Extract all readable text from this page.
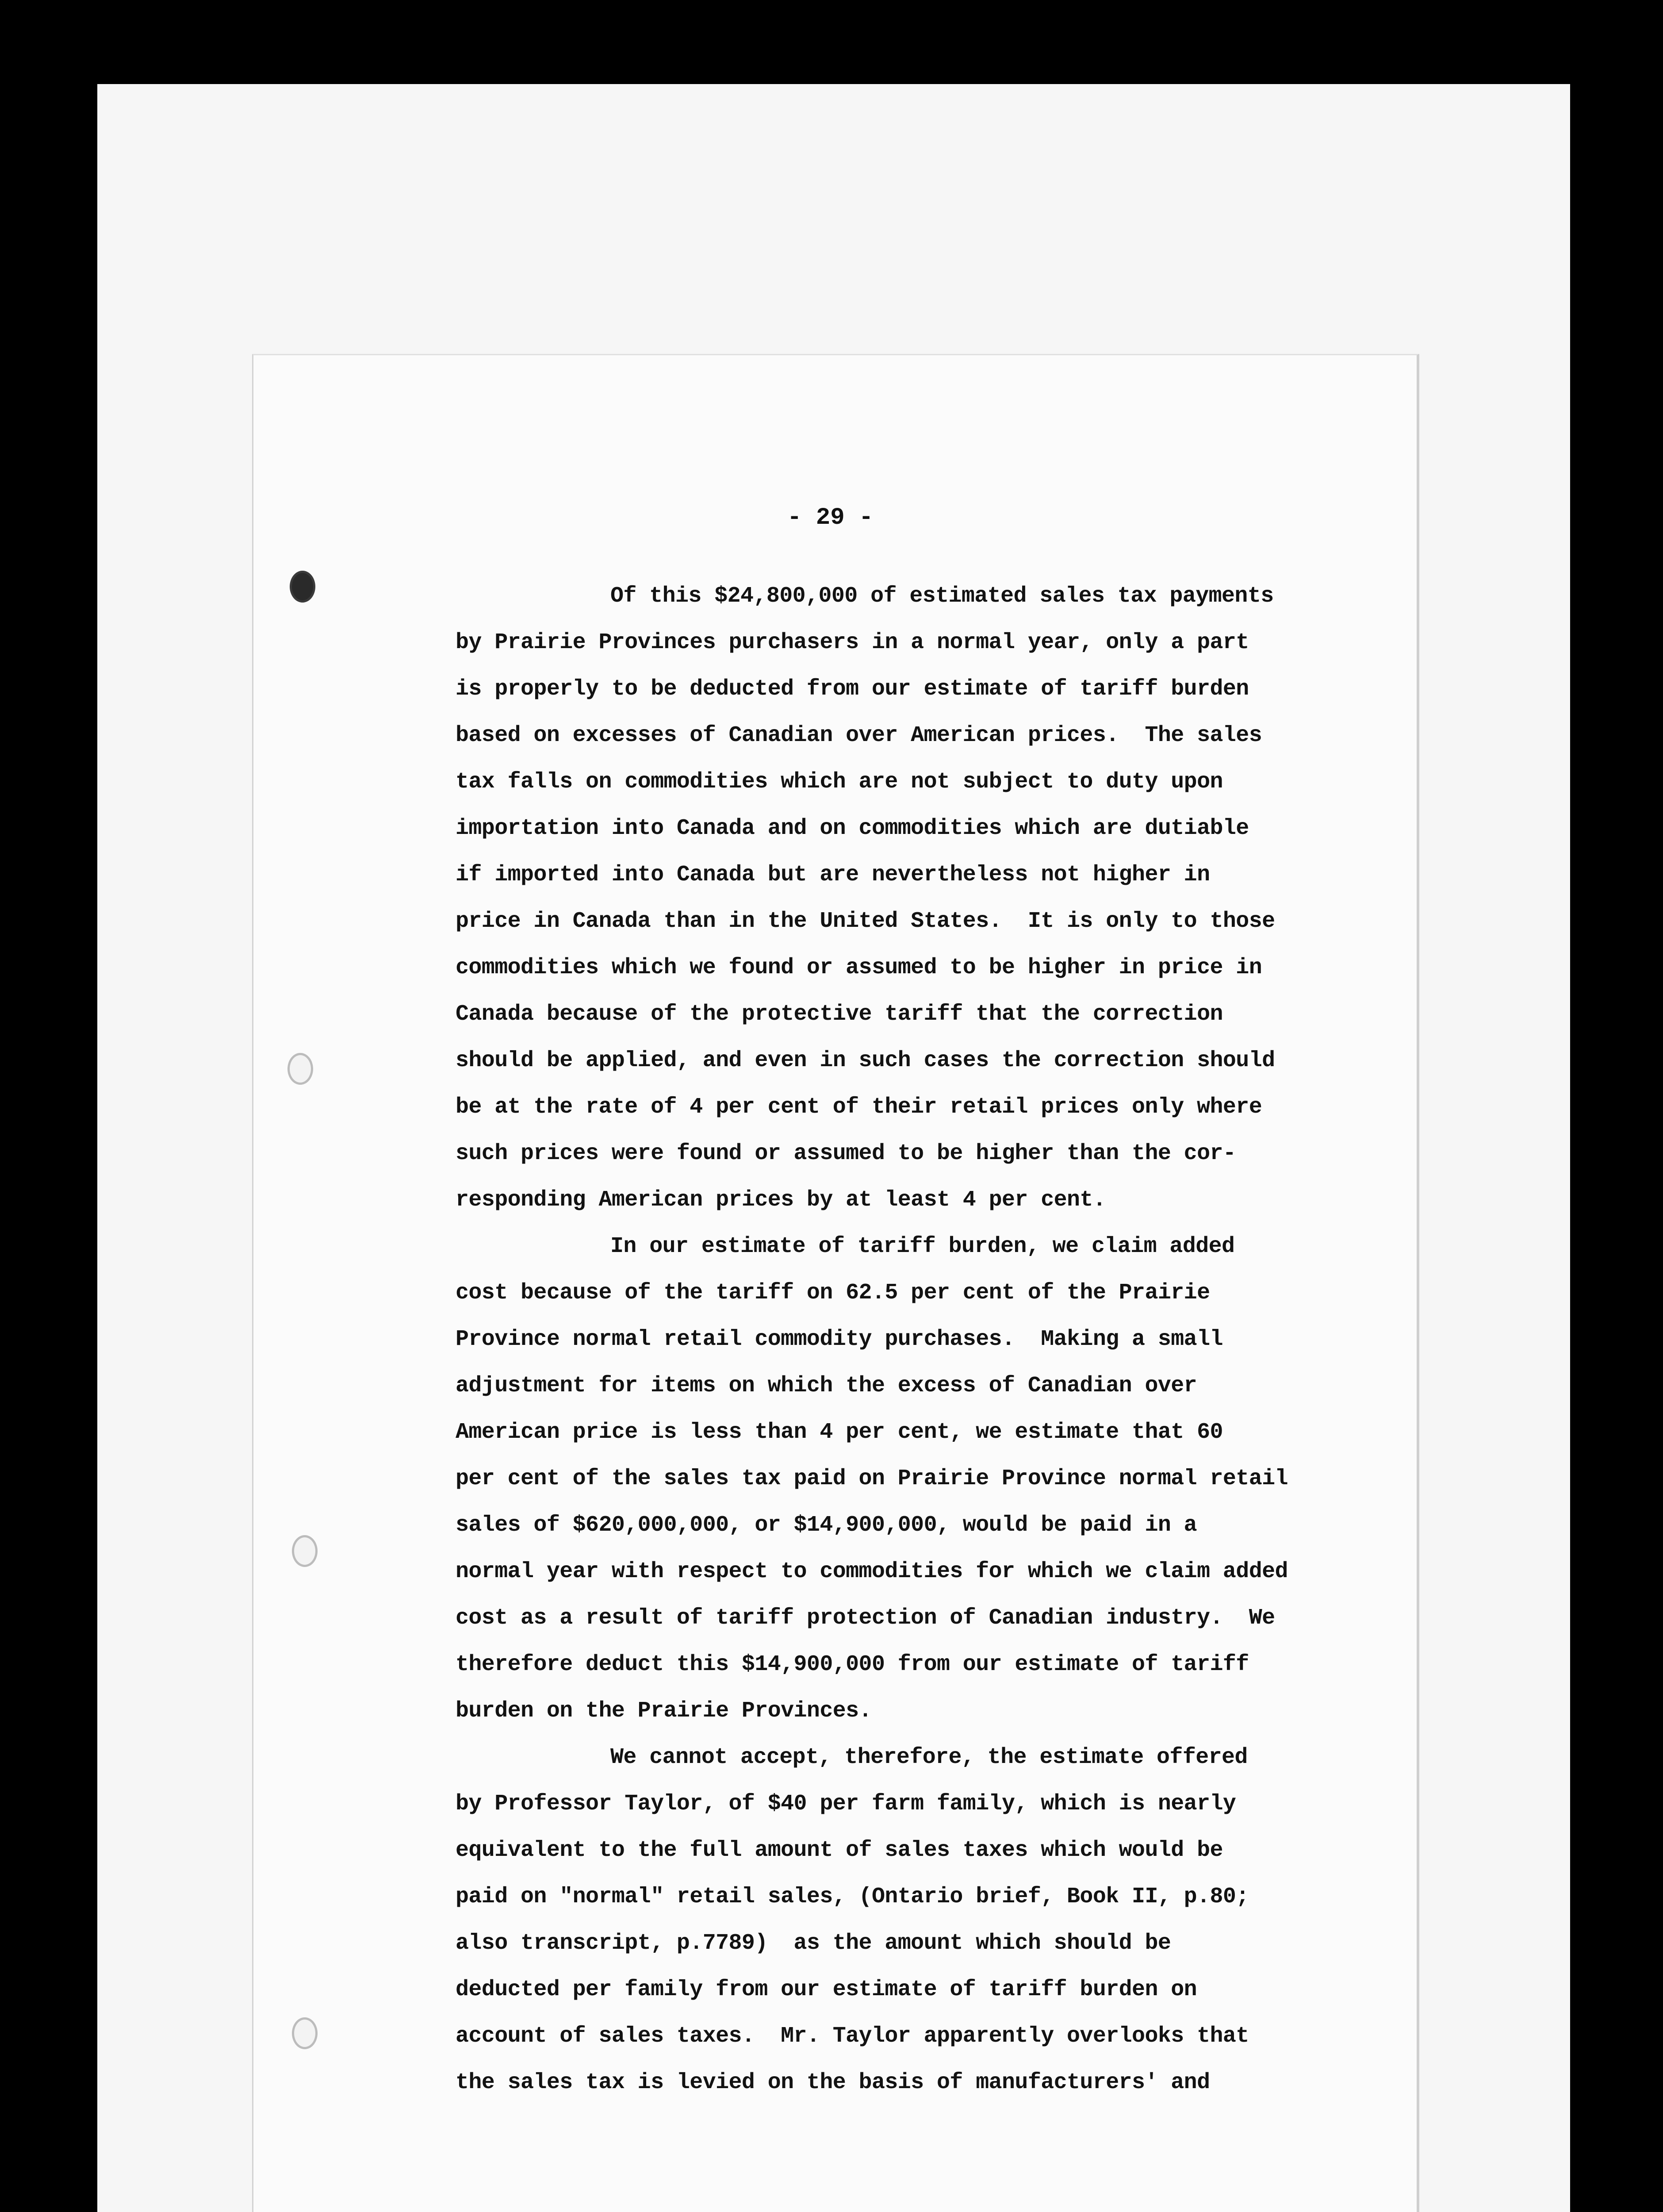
- 29 -
Of this $24,800,000 of estimated sales tax payments
by Prairie Provinces purchasers in a normal year, only a part
is properly to be deducted from our estimate of tariff burden
based on excesses of Canadian over American prices.  The sales
tax falls on commodities which are not subject to duty upon
importation into Canada and on commodities which are dutiable
if imported into Canada but are nevertheless not higher in
price in Canada than in the United States.  It is only to those
commodities which we found or assumed to be higher in price in
Canada because of the protective tariff that the correction
should be applied, and even in such cases the correction should
be at the rate of 4 per cent of their retail prices only where
such prices were found or assumed to be higher than the cor-
responding American prices by at least 4 per cent.
In our estimate of tariff burden, we claim added
cost because of the tariff on 62.5 per cent of the Prairie
Province normal retail commodity purchases.  Making a small
adjustment for items on which the excess of Canadian over
American price is less than 4 per cent, we estimate that 60
per cent of the sales tax paid on Prairie Province normal retail
sales of $620,000,000, or $14,900,000, would be paid in a
normal year with respect to commodities for which we claim added
cost as a result of tariff protection of Canadian industry.  We
therefore deduct this $14,900,000 from our estimate of tariff
burden on the Prairie Provinces.
We cannot accept, therefore, the estimate offered
by Professor Taylor, of $40 per farm family, which is nearly
equivalent to the full amount of sales taxes which would be
paid on "normal" retail sales, (Ontario brief, Book II, p.80;
also transcript, p.7789)  as the amount which should be
deducted per family from our estimate of tariff burden on
account of sales taxes.  Mr. Taylor apparently overlooks that
the sales tax is levied on the basis of manufacturers' and
